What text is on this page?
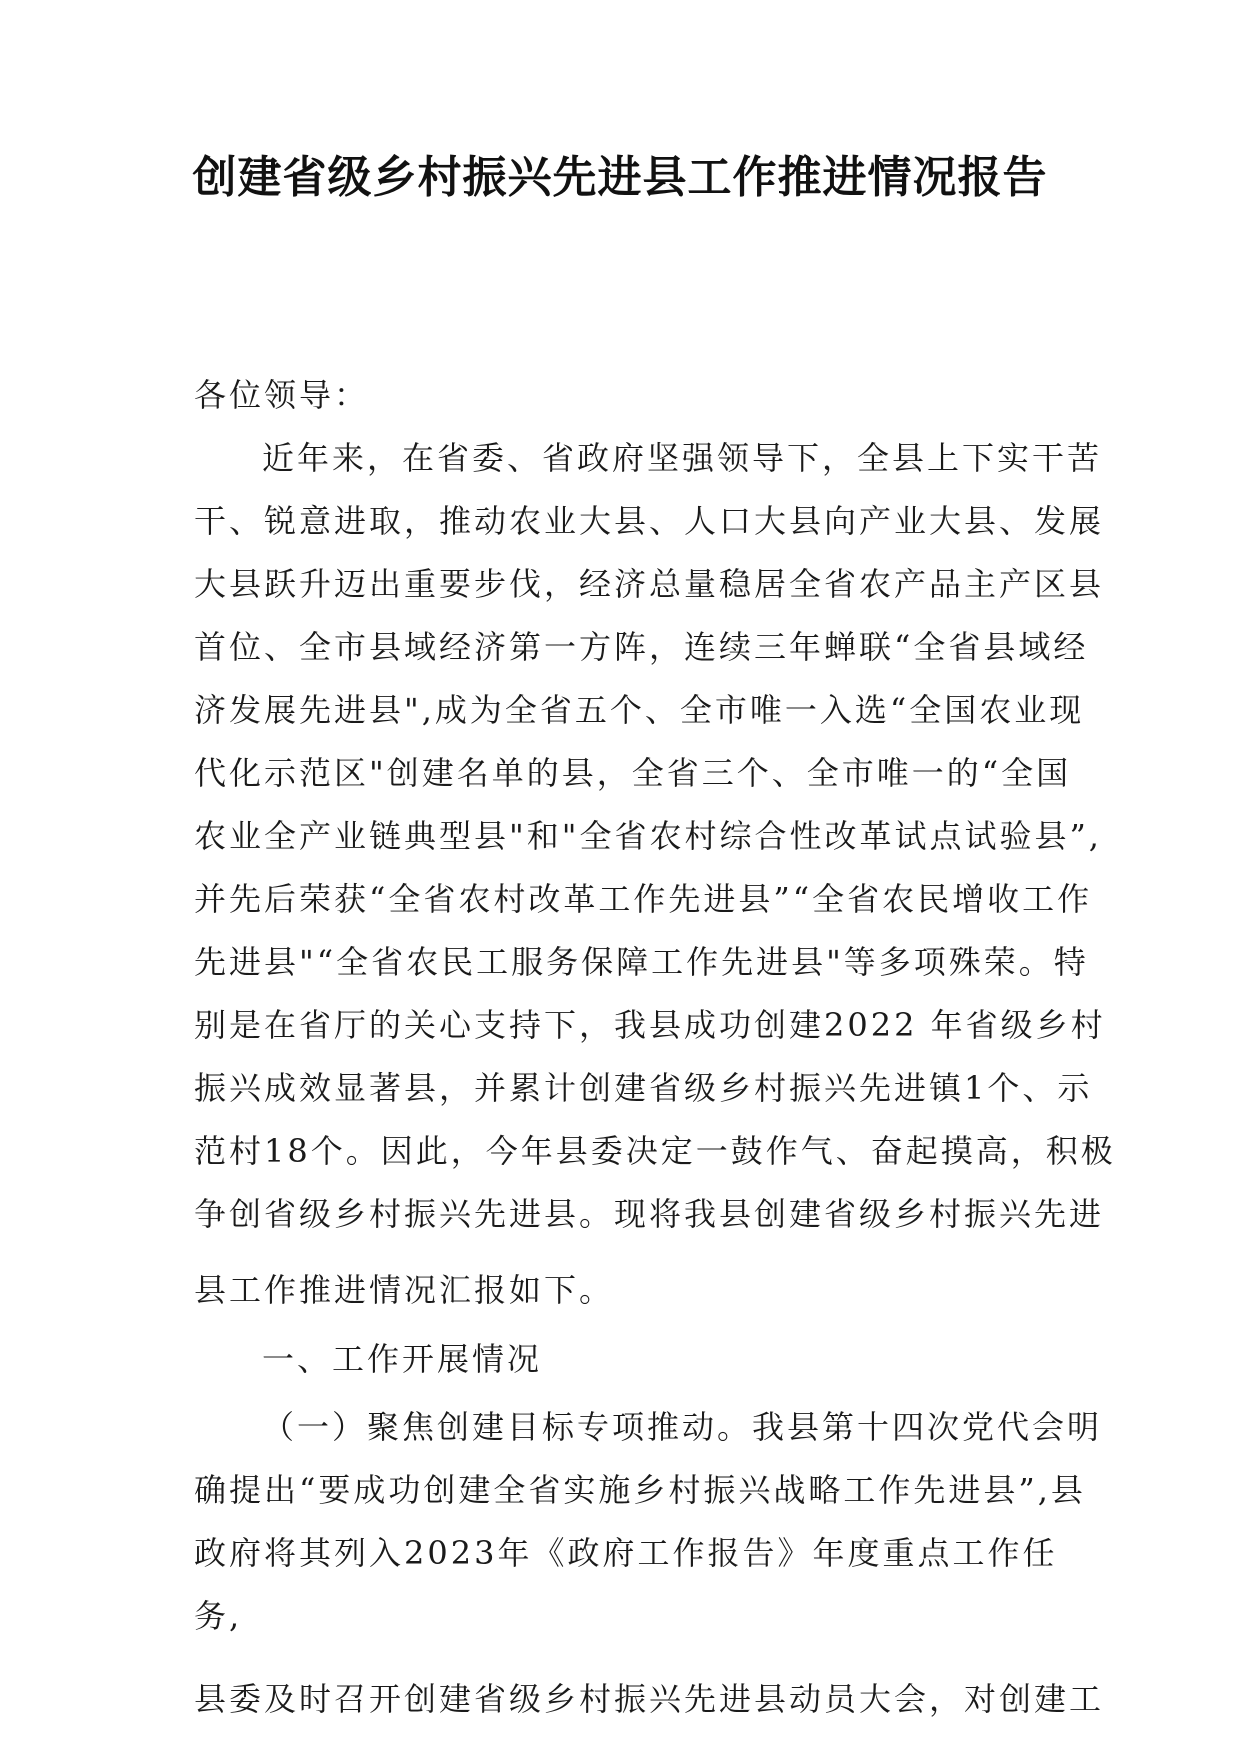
创建省级乡村振兴先进县工作推进情况报告

各位领导：

近年来，在省委、省政府坚强领导下，全县上下实干苦

干、锐意进取，推动农业大县、人口大县向产业大县、发展

大县跃升迈出重要步伐，经济总量稳居全省农产品主产区县

首位、全市县域经济第一方阵，连续三年蝉联“全省县域经

济发展先进县",成为全省五个、全市唯一入选“全国农业现

代化示范区"创建名单的县，全省三个、全市唯一的“全国

农业全产业链典型县"和"全省农村综合性改革试点试验县”,

并先后荣获“全省农村改革工作先进县”“全省农民增收工作

先进县"“全省农民工服务保障工作先进县"等多项殊荣。特

别是在省厅的关心支持下，我县成功创建2022 年省级乡村

振兴成效显著县，并累计创建省级乡村振兴先进镇1个、示

范村18个。因此，今年县委决定一鼓作气、奋起摸高，积极

争创省级乡村振兴先进县。现将我县创建省级乡村振兴先进

县工作推进情况汇报如下。

一、工作开展情况

（一）聚焦创建目标专项推动。我县第十四次党代会明

确提出“要成功创建全省实施乡村振兴战略工作先进县”,县

政府将其列入2023年《政府工作报告》年度重点工作任

务,

县委及时召开创建省级乡村振兴先进县动员大会，对创建工
